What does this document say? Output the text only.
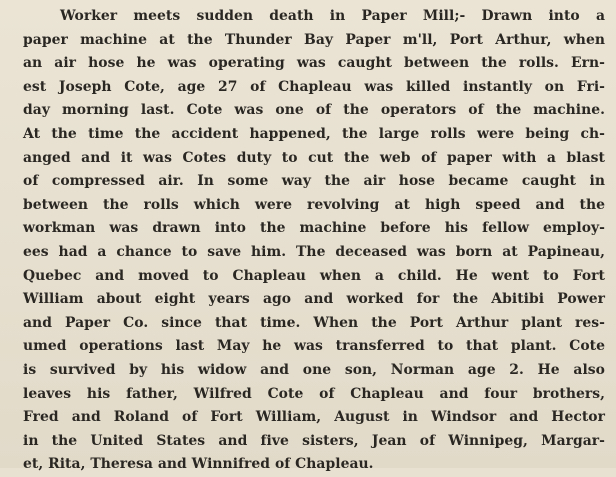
Worker meets sudden death in Paper Mill;- Drawn into a
paper machine at the Thunder Bay Paper m'll, Port Arthur, when
an air hose he was operating was caught between the rolls. Ern-
est Joseph Cote, age 27 of Chapleau was killed instantly on Fri-
day morning last. Cote was one of the operators of the machine.
At the time the accident happened, the large rolls were being ch-
anged and it was Cotes duty to cut the web of paper with a blast
of compressed air. In some way the air hose became caught in
between the rolls which were revolving at high speed and the
workman was drawn into the machine before his fellow employ-
ees had a chance to save him. The deceased was born at Papineau,
Quebec and moved to Chapleau when a child. He went to Fort
William about eight years ago and worked for the Abitibi Power
and Paper Co. since that time. When the Port Arthur plant res-
umed operations last May he was transferred to that plant. Cote
is survived by his widow and one son, Norman age 2. He also
leaves his father, Wilfred Cote of Chapleau and four brothers,
Fred and Roland of Fort William, August in Windsor and Hector
in the United States and five sisters, Jean of Winnipeg, Margar-
et, Rita, Theresa and Winnifred of Chapleau.
